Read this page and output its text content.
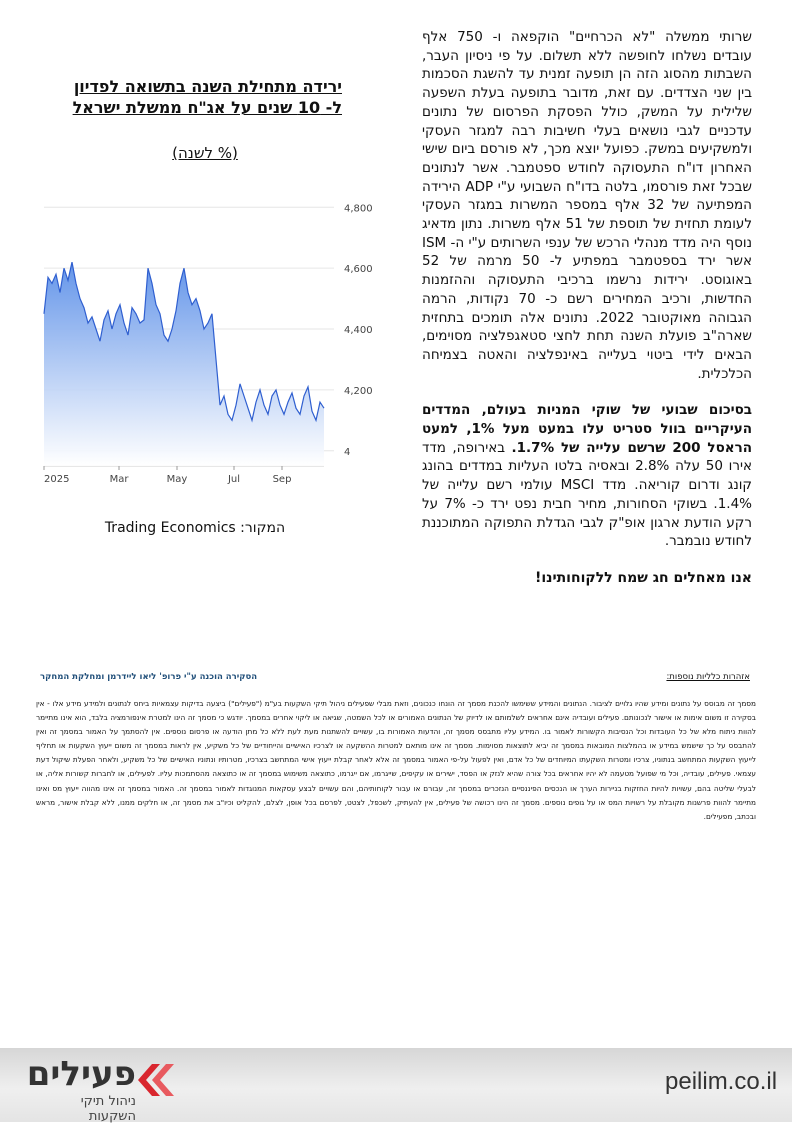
שרותי ממשלה "לא הכרחיים" הוקפאה ו- 750 אלף עובדים נשלחו לחופשה ללא תשלום. על פי ניסיון העבר, השבתות מהסוג הזה הן תופעה זמנית עד להשגת הסכמות בין שני הצדדים. עם זאת, מדובר בתופעה בעלת השפעה שלילית על המשק, כולל הפסקת הפרסום של נתונים עדכניים לגבי נושאים בעלי חשיבות רבה למגזר העסקי ולמשקיעים במשק. כפועל יוצא מכך, לא פורסם ביום שישי האחרון דו"ח התעסוקה לחודש ספטמבר. אשר לנתונים שבכל זאת פורסמו, בלטה בדו"ח השבועי ע"י ADP הירידה המפתיעה של 32 אלף במספר המשרות במגזר העסקי לעומת תחזית של תוספת של 51 אלף משרות. נתון מדאיג נוסף היה מדד מנהלי הרכש של ענפי השרותים ע"י ה- ISM אשר ירד בספטמבר במפתיע ל- 50 מרמה של 52 באוגוסט. ירידות נרשמו ברכיבי התעסוקה וההזמנות החדשות, ורכיב המחירים רשם כ- 70 נקודות, הרמה הגבוהה מאוקטובר 2022. נתונים אלה תומכים בתחזית שארה"ב פועלת השנה תחת לחצי סטאגפלציה מסוימים, הבאים לידי ביטוי בעלייה באינפלציה והאטה בצמיחה הכלכלית.

בסיכום שבועי של שוקי המניות בעולם, המדדים העיקריים בוול סטריט עלו במעט מעל 1%, למעט הראסל 200 שרשם עלייה של 1.7%. באירופה, מדד אירו 50 עלה 2.8% ובאסיה בלטו העליות במדדים בהונג קונג ודרום קוריאה. מדד MSCI עולמי רשם עלייה של 1.4%. בשוקי הסחורות, מחיר חבית נפט ירד כ- 7% על רקע הודעת ארגון אופ"ק לגבי הגדלת התפוקה המתוכננת לחודש נובמבר.

אנו מאחלים חג שמח ללקוחותינו!

ירידה מתחילת השנה בתשואה לפדיון
ל- 10 שנים על אג"ח ממשלת ישראל
(% לשנה)
4,800
4,600
4,400
4,200
4
2025	Mar	May	Jul	Sep
המקור: Trading Economics
אזהרות כלליות נוספות:
הסקירה הוכנה ע"י פרופ' ליאו ליידרמן ומחלקת המחקר
מסמך זה מבוסס על נתונים ומידע שהיו גלויים לציבור. הנתונים והמידע ששימשו להכנת מסמך זה הונחו כנכונים, וזאת מבלי שפעילים ניהול תיקי השקעות בע"מ ("פעילים") ביצעה בדיקות עצמאיות ביחס לנתונים ולמידע מידע אלו - אין בסקירה זו משום אימות או אישור לנכונותם. פעילים ועובדיה אינם אחראים לשלמותם או לדיוק של הנתונים האמורים או לכל השמטה, שגיאה או ליקוי אחרים במסמך. יודגש כי מסמך זה הינו למטרת אינפורמציה בלבד, הוא אינו מתיימר להוות ניתוח מלא של כל העובדות וכל הנסיבות הקשורות לאמור בו. המידע עליו מתבסס מסמך זה, והדעות האמורות בו, עשויים להשתנות מעת לעת ללא כל מתן הודעה או פרסום נוספים. אין להסתמך על האמור במסמך זה ואין להתבסס על כך שישמש במידע או בהמלצות המובאות במסמך זה יביא לתוצאות מסוימות. מסמך זה אינו מותאם למטרות ההשקעה או לצרכיו האישיים והייחודיים של כל משקיע, אין לראות במסמך זה משום ייעוץ השקעות או תחליף לייעוץ השקעות המתחשב בנתוניו, צרכיו ומטרות השקעתו המיוחדים של כל אדם, ואין לפעול על-פי האמור במסמך זה אלא לאחר קבלת ייעוץ אישי המתחשב בצרכיו, מטרותיו ונתוניו האישיים של כל משקיע, ולאחר הפעלת שיקול דעת עצמאי. פעילים, עובדיה, וכל מי שפועל מטעמה לא יהיו אחראים בכל צורה שהיא לנזק או הפסד, ישירים או עקיפים, שייגרמו, אם ייגרמו, כתוצאה משימוש במסמך זה או כתוצאה מהסתמכות עליו. לפעילים, או לחברות קשורות אליה, או לבעלי שליטה בהם, עשויות להיות החזקות בניירות הערך או הנכסים הפיננסיים הנזכרים במסמך זה, עבורם או עבור לקוחותיהם, והם עשויים לבצע עסקאות המנוגדות לאמור במסמך זה. האמור במסמך זה אינו מהווה ייעוץ מס ואינו מתיימר להוות פרשנות מקובלת על רשויות המס או על גופים נוספים. מסמך זה הינו רכושה של פעילים, אין להעתיק, לשכפל, לצטט, לפרסם בכל אופן, לצלם, להקליט וכיו"ב את מסמך זה, או חלקים ממנו, ללא קבלת אישור, מראש ובכתב, מפעילים.
פעילים
ניהול תיקי השקעות
peilim.co.il
